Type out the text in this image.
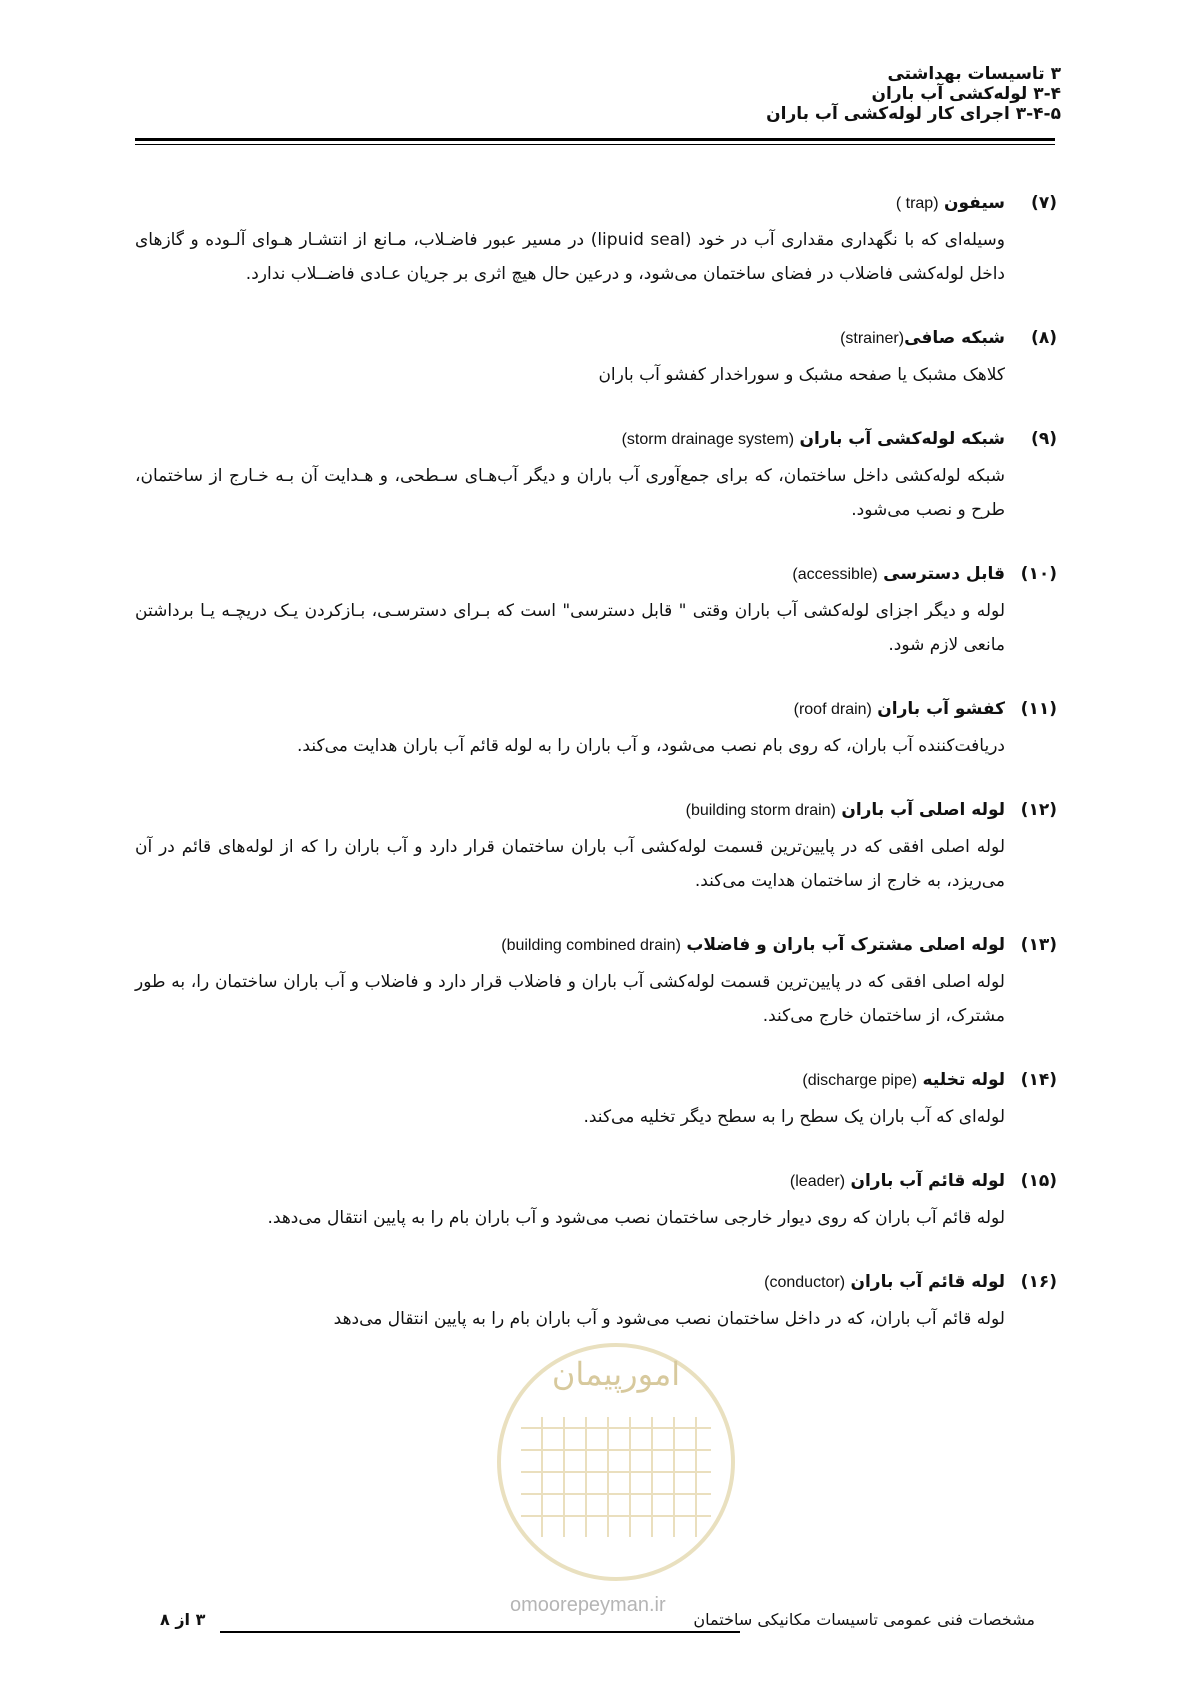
۳ تاسیسات بهداشتی
۳-۴ لوله‌کشی آب باران
۳-۴-۵ اجرای کار لوله‌کشی آب باران
(۷)
سیفون ( trap)
وسیله‌ای که با نگهداری مقداری آب در خود (lipuid seal) در مسیر عبور فاضـلاب، مـانع از انتشـار هـوای آلـوده و گازهای داخل لوله‌کشی فاضلاب در فضای ساختمان می‌شود، و درعین حال هیچ اثری بر جریان عـادی فاضــلاب ندارد.
(۸)
شبکه صافی(strainer)
کلاهک مشبک یا صفحه مشبک و سوراخدار کفشو آب باران
(۹)
شبکه لوله‌کشی آب باران (storm drainage system)
شبکه لوله‌کشی داخل ساختمان، که برای جمع‌آوری آب باران و دیگر آب‌هـای سـطحی، و هـدایت آن بـه خـارج از ساختمان، طرح و نصب می‌شود.
(۱۰)
قابل دسترسی (accessible)
لوله و دیگر اجزای لوله‌کشی آب باران وقتی " قابل دسترسی" است که بـرای دسترسـی، بـازکردن یـک دریچـه یـا برداشتن مانعی لازم شود.
(۱۱)
کفشو آب باران (roof drain)
دریافت‌کننده آب باران، که روی بام نصب می‌شود، و آب باران را به لوله قائم آب باران هدایت می‌کند.
(۱۲)
لوله اصلی آب باران (building storm drain)
لوله اصلی افقی که در پایین‌ترین قسمت لوله‌کشی آب باران ساختمان قرار دارد و آب باران را که از لوله‌های قائم در آن می‌ریزد، به خارج از ساختمان هدایت می‌کند.
(۱۳)
لوله اصلی مشترک آب باران و فاضلاب (building combined drain)
لوله اصلی افقی که در پایین‌ترین قسمت لوله‌کشی آب باران و فاضلاب قرار دارد و فاضلاب و آب باران ساختمان را، به طور مشترک، از ساختمان خارج می‌کند.
(۱۴)
لوله تخلیه (discharge pipe)
لوله‌ای که آب باران یک سطح را به سطح دیگر تخلیه می‌کند.
(۱۵)
لوله قائم آب باران (leader)
لوله قائم آب باران که روی دیوار خارجی ساختمان نصب می‌شود و آب باران بام را به پایین انتقال می‌دهد.
(۱۶)
لوله قائم آب باران (conductor)
لوله قائم آب باران، که در داخل ساختمان نصب می‌شود و آب باران بام را به پایین انتقال می‌دهد
امورپیمان
omoorepeyman.ir
مشخصات فنی عمومی تاسیسات مکانیکی ساختمان
۳ از ۸
